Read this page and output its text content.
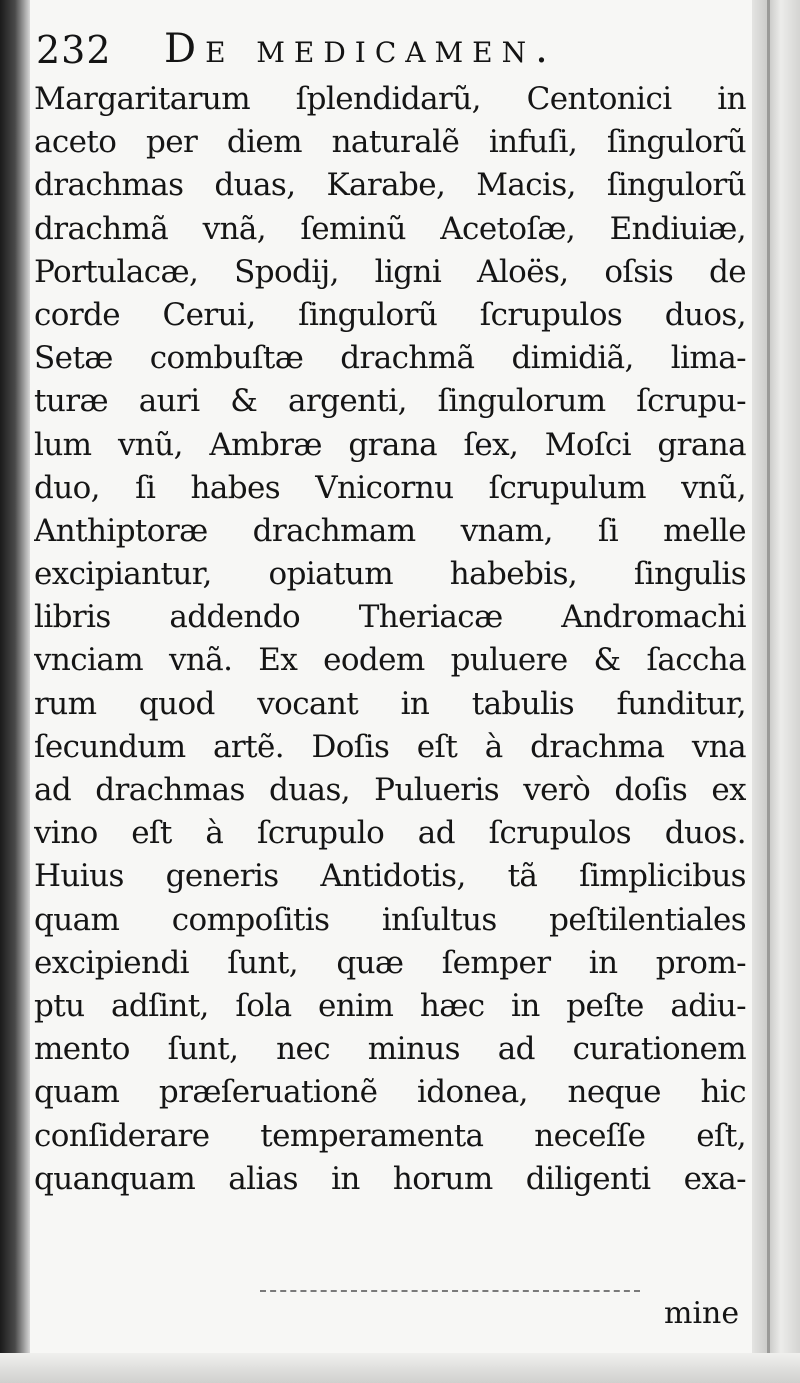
232 De medicamen.
Margaritarum ſplendidarũ, Centonici in
aceto per diem naturalẽ infuſi, ſingulorũ
drachmas duas, Karabe, Macis, ſingulorũ
drachmã vnã, ſeminũ Acetoſæ, Endiuiæ,
Portulacæ, Spodij, ligni Aloës, oſsis de
corde Cerui, ſingulorũ ſcrupulos duos,
Setæ combuſtæ drachmã dimidiã, lima-
turæ auri & argenti, ſingulorum ſcrupu-
lum vnũ, Ambræ grana ſex, Moſci grana
duo, ſi habes Vnicornu ſcrupulum vnũ,
Anthiptoræ drachmam vnam, ſi melle
excipiantur, opiatum habebis, ſingulis
libris addendo Theriacæ Andromachi
vnciam vnã. Ex eodem puluere & ſaccha
rum quod vocant in tabulis funditur,
ſecundum artẽ. Doſis eſt à drachma vna
ad drachmas duas, Pulueris verò doſis ex
vino eſt à ſcrupulo ad ſcrupulos duos.
Huius generis Antidotis, tã ſimplicibus
quam compoſitis inſultus peſtilentiales
excipiendi ſunt, quæ ſemper in prom-
ptu adſint, ſola enim hæc in peſte adiu-
mento ſunt, nec minus ad curationem
quam præſeruationẽ idonea, neque hic
conſiderare temperamenta neceſſe eſt,
quanquam alias in horum diligenti exa-
mine
